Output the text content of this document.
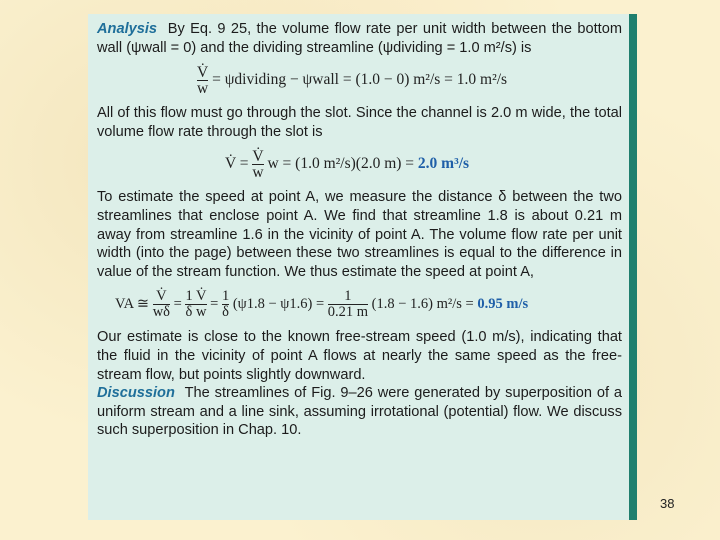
Analysis By Eq. 9 25, the volume flow rate per unit width between the bottom wall (ψwall = 0) and the dividing streamline (ψdividing = 1.0 m²/s) is

$\frac{V̇}{w}$ = ψdividing − ψwall = (1.0 − 0) m²/s = 1.0 m²/s

All of this flow must go through the slot. Since the channel is 2.0 m wide, the total volume flow rate through the slot is

V̇ = $\frac{V̇}{w}$ w = (1.0 m²/s)(2.0 m) = 2.0 m³/s

To estimate the speed at point A, we measure the distance δ between the two streamlines that enclose point A. We find that streamline 1.8 is about 0.21 m away from streamline 1.6 in the vicinity of point A. The volume flow rate per unit width (into the page) between these two streamlines is equal to the difference in value of the stream function. We thus estimate the speed at point A,

VA ≅ $\frac{V̇}{w\delta} = \frac{1 V̇}{\text{δ w}} = \frac{1}{\delta} (\psi 1.8 - \psi 1.6) = \frac{1}{0.21 m} (1.8 - 1.6) m^2/s = 0.95$ m/s

Our estimate is close to the known free-stream speed (1.0 m/s), indicating that the fluid in the vicinity of point A flows at nearly the same speed as the free-stream flow, but points slightly downward.

Discussion The streamlines of Fig. 9–26 were generated by superposition of a uniform stream and a line sink, assuming irrotational (potential) flow. We discuss such superposition in Chap. 10.

38
